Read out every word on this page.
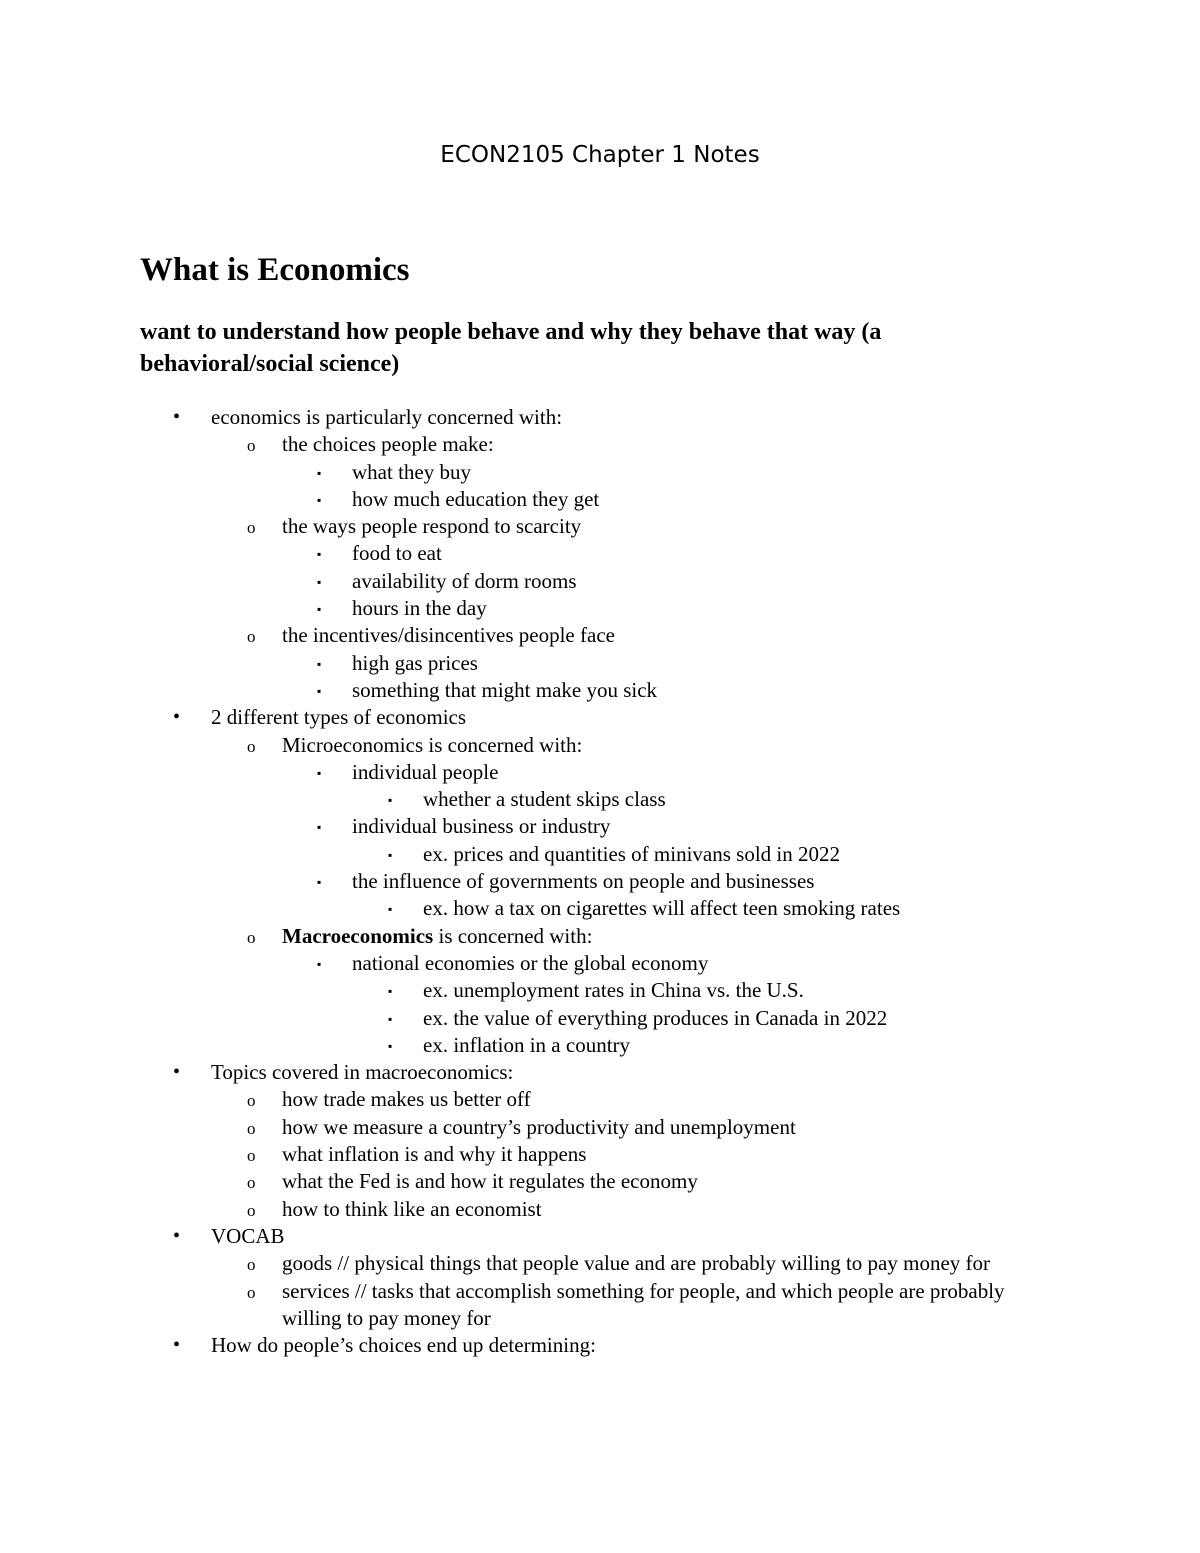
ECON2105 Chapter 1 Notes
What is Economics
want to understand how people behave and why they behave that way (a behavioral/social science)
•	economics is particularly concerned with:
o	the choices people make:
▪	what they buy
▪	how much education they get
o	the ways people respond to scarcity
▪	food to eat
▪	availability of dorm rooms
▪	hours in the day
o	the incentives/disincentives people face
▪	high gas prices
▪	something that might make you sick
•	2 different types of economics
o	Microeconomics is concerned with:
▪	individual people
▪	whether a student skips class
▪	individual business or industry
▪	ex. prices and quantities of minivans sold in 2022
▪	the influence of governments on people and businesses
▪	ex. how a tax on cigarettes will affect teen smoking rates
o	Macroeconomics is concerned with:
▪	national economies or the global economy
▪	ex. unemployment rates in China vs. the U.S.
▪	ex. the value of everything produces in Canada in 2022
▪	ex. inflation in a country
•	Topics covered in macroeconomics:
o	how trade makes us better off
o	how we measure a country’s productivity and unemployment
o	what inflation is and why it happens
o	what the Fed is and how it regulates the economy
o	how to think like an economist
•	VOCAB
o	goods // physical things that people value and are probably willing to pay money for
o	services // tasks that accomplish something for people, and which people are probably willing to pay money for
•	How do people’s choices end up determining:
